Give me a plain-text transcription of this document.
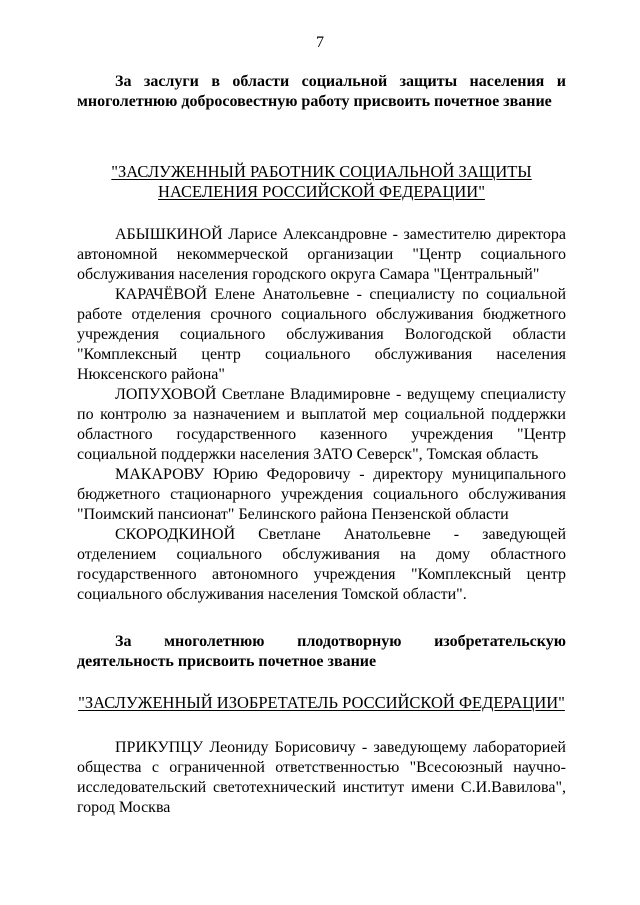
7

За заслуги в области социальной защиты населения и многолетнюю добросовестную работу присвоить почетное звание

"ЗАСЛУЖЕННЫЙ РАБОТНИК СОЦИАЛЬНОЙ ЗАЩИТЫ
НАСЕЛЕНИЯ РОССИЙСКОЙ ФЕДЕРАЦИИ"

АБЫШКИНОЙ Ларисе Александровне - заместителю директора автономной некоммерческой организации "Центр социального обслуживания населения городского округа Самара "Центральный"

КАРАЧЁВОЙ Елене Анатольевне - специалисту по социальной работе отделения срочного социального обслуживания бюджетного учреждения социального обслуживания Вологодской области "Комплексный центр социального обслуживания населения Нюксенского района"

ЛОПУХОВОЙ Светлане Владимировне - ведущему специалисту по контролю за назначением и выплатой мер социальной поддержки областного государственного казенного учреждения "Центр социальной поддержки населения ЗАТО Северск", Томская область

МАКАРОВУ Юрию Федоровичу - директору муниципального бюджетного стационарного учреждения социального обслуживания "Поимский пансионат" Белинского района Пензенской области

СКОРОДКИНОЙ Светлане Анатольевне - заведующей отделением социального обслуживания на дому областного государственного автономного учреждения "Комплексный центр социального обслуживания населения Томской области".

За многолетнюю плодотворную изобретательскую деятельность присвоить почетное звание

"ЗАСЛУЖЕННЫЙ ИЗОБРЕТАТЕЛЬ РОССИЙСКОЙ ФЕДЕРАЦИИ"

ПРИКУПЦУ Леониду Борисовичу - заведующему лабораторией общества с ограниченной ответственностью "Всесоюзный научно-исследовательский светотехнический институт имени С.И.Вавилова", город Москва
